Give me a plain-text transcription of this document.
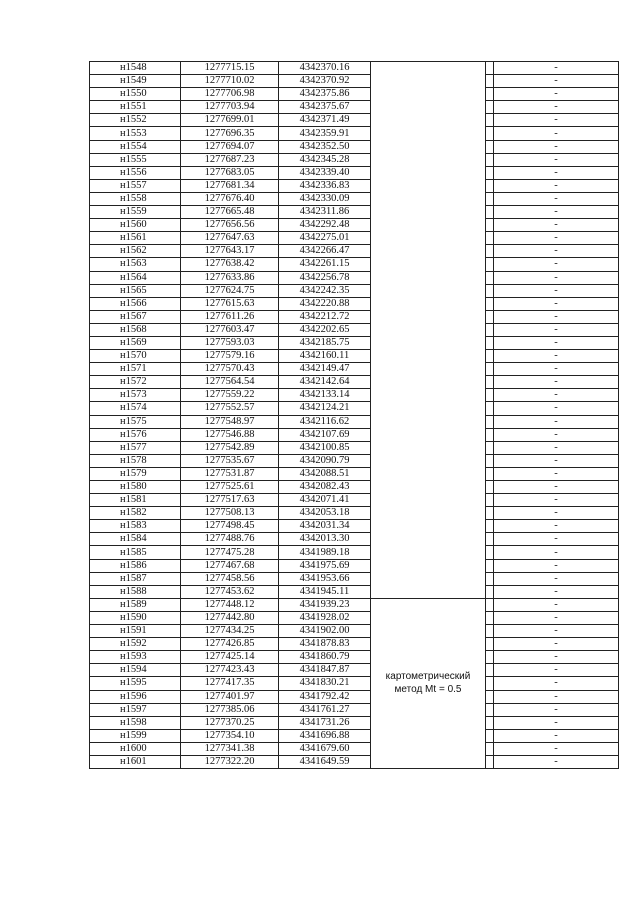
н1548	1277715.15	4342370.16			-
н1549	1277710.02	4342370.92			-
н1550	1277706.98	4342375.86			-
н1551	1277703.94	4342375.67			-
н1552	1277699.01	4342371.49			-
н1553	1277696.35	4342359.91			-
н1554	1277694.07	4342352.50			-
н1555	1277687.23	4342345.28			-
н1556	1277683.05	4342339.40			-
н1557	1277681.34	4342336.83			-
н1558	1277676.40	4342330.09			-
н1559	1277665.48	4342311.86			-
н1560	1277656.56	4342292.48			-
н1561	1277647.63	4342275.01			-
н1562	1277643.17	4342266.47			-
н1563	1277638.42	4342261.15			-
н1564	1277633.86	4342256.78			-
н1565	1277624.75	4342242.35			-
н1566	1277615.63	4342220.88			-
н1567	1277611.26	4342212.72			-
н1568	1277603.47	4342202.65			-
н1569	1277593.03	4342185.75			-
н1570	1277579.16	4342160.11			-
н1571	1277570.43	4342149.47			-
н1572	1277564.54	4342142.64			-
н1573	1277559.22	4342133.14			-
н1574	1277552.57	4342124.21			-
н1575	1277548.97	4342116.62			-
н1576	1277546.88	4342107.69			-
н1577	1277542.89	4342100.85			-
н1578	1277535.67	4342090.79			-
н1579	1277531.87	4342088.51			-
н1580	1277525.61	4342082.43			-
н1581	1277517.63	4342071.41			-
н1582	1277508.13	4342053.18			-
н1583	1277498.45	4342031.34			-
н1584	1277488.76	4342013.30			-
н1585	1277475.28	4341989.18			-
н1586	1277467.68	4341975.69			-
н1587	1277458.56	4341953.66			-
н1588	1277453.62	4341945.11			-
н1589	1277448.12	4341939.23	картометрический метод Mt = 0.5		-
н1590	1277442.80	4341928.02			-
н1591	1277434.25	4341902.00			-
н1592	1277426.85	4341878.83			-
н1593	1277425.14	4341860.79			-
н1594	1277423.43	4341847.87			-
н1595	1277417.35	4341830.21			-
н1596	1277401.97	4341792.42			-
н1597	1277385.06	4341761.27			-
н1598	1277370.25	4341731.26			-
н1599	1277354.10	4341696.88			-
н1600	1277341.38	4341679.60			-
н1601	1277322.20	4341649.59			-
